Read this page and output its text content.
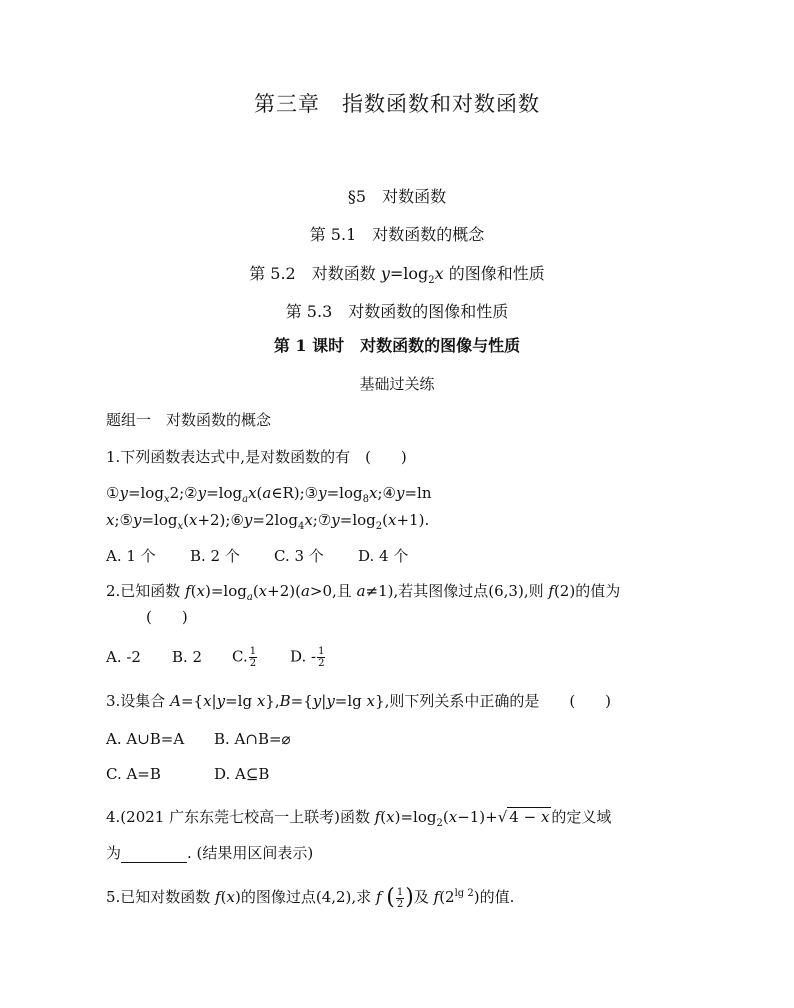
第三章　指数函数和对数函数
§5　对数函数
第 5.1　对数函数的概念
第 5.2　对数函数 $y=\log_2x$ 的图像和性质
第 5.3　对数函数的图像和性质
第 1 课时　对数函数的图像与性质
基础过关练
题组一　对数函数的概念
1.下列函数表达式中,是对数函数的有　(　　)
$①y=\log_x2;②y=\log_ax(a\in R);③y=\log_8x;④y=\ln$
$x;⑤y=\log_x(x+2);⑥y=2\log_4x;⑦y=\log_2(x+1)$.
A. 1 个 B. 2 个 C. 3 个 D. 4 个
2.已知函数 $f(x)=\log_a(x+2)(a>0$,且 a≠1),若其图像过点(6,3),则 f(2)的值为
(　　)
A. -2 B. 2 C. $\frac{1}{2} D$. - $\frac{1}{2}$
3.设集合 A={x|y=lg x},B={y|y=lg x},则下列关系中正确的是　　(　　)
A. A∪B=A B. A∩B=⌀
C. A=B	D. A⊆B
4.(2021 广东东莞七校高一上联考)函数 $f(x)=\log_2(x-1)+√$ 4 − x 的定义域
为	. (结果用区间表示)
5.已知对数函数 f(x)的图像过点(4,2),求 f ( $\frac{1}{2}$ )及 $f(2^{lg 2})$的值.
